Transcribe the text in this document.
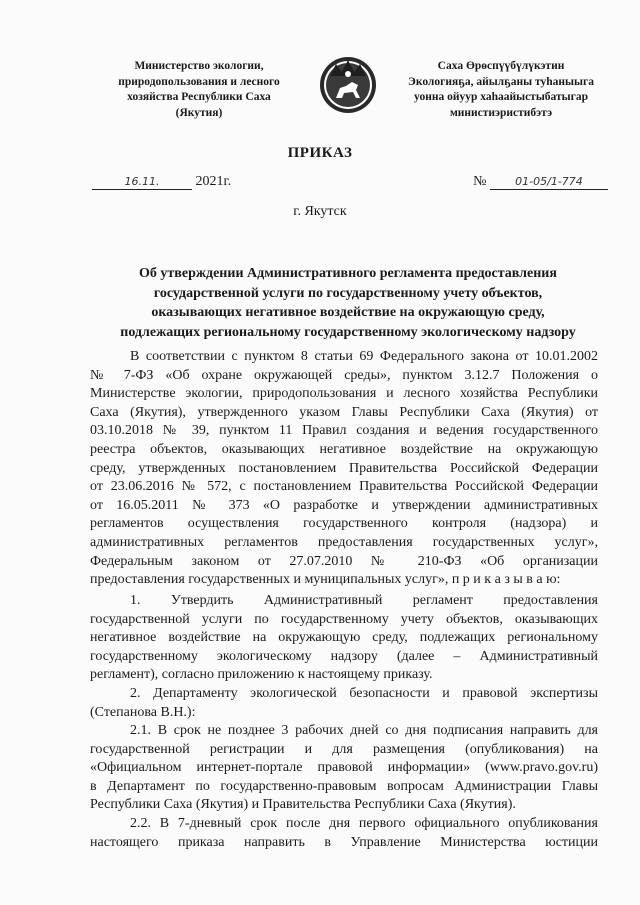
Министерство экологии,
природопользования и лесного
хозяйства Республики Саха
(Якутия)
Саха Өрөспүүбүлүкэтин
Экологияҕа, айылҕаны туһаныыга
уонна ойуур хаһаайыстыбатыгар
министиэристибэтэ
ПРИКАЗ
16.11.	2021г.	№	01-05/1-774
г. Якутск
Об утверждении Административного регламента предоставления
государственной услуги по государственному учету объектов,
оказывающих негативное воздействие на окружающую среду,
подлежащих региональному государственному экологическому надзору
В соответствии с пунктом 8 статьи 69 Федерального закона от 10.01.2002
№ 7-ФЗ «Об охране окружающей среды», пунктом 3.12.7 Положения о
Министерстве экологии, природопользования и лесного хозяйства Республики
Саха (Якутия), утвержденного указом Главы Республики Саха (Якутия) от
03.10.2018 № 39, пунктом 11 Правил создания и ведения государственного
реестра объектов, оказывающих негативное воздействие на окружающую
среду, утвержденных постановлением Правительства Российской Федерации
от 23.06.2016 № 572, с постановлением Правительства Российской Федерации
от 16.05.2011 № 373 «О разработке и утверждении административных
регламентов осуществления государственного контроля (надзора) и
административных регламентов предоставления государственных услуг»,
Федеральным законом от 27.07.2010 № 210-ФЗ «Об организации
предоставления государственных и муниципальных услуг», п р и к а з ы в а ю:
1. Утвердить Административный регламент предоставления
государственной услуги по государственному учету объектов, оказывающих
негативное воздействие на окружающую среду, подлежащих региональному
государственному экологическому надзору (далее – Административный
регламент), согласно приложению к настоящему приказу.
2. Департаменту экологической безопасности и правовой экспертизы
(Степанова В.Н.):
2.1. В срок не позднее 3 рабочих дней со дня подписания направить для
государственной регистрации и для размещения (опубликования) на
«Официальном интернет-портале правовой информации» (www.pravo.gov.ru)
в Департамент по государственно-правовым вопросам Администрации Главы
Республики Саха (Якутия) и Правительства Республики Саха (Якутия).
2.2. В 7-дневный срок после дня первого официального опубликования
настоящего приказа направить в Управление Министерства юстиции
